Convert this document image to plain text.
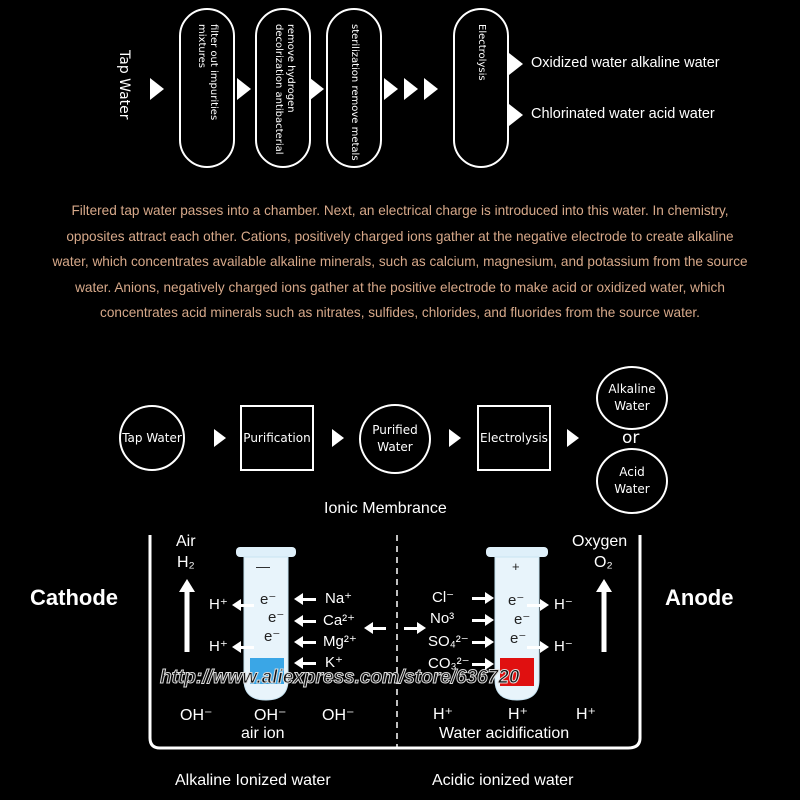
Tap Water	filter out impurities mixtures	remove hydrogen decolrization antibacterial	sterilization remove metals	Electrolysis	Oxidized water alkaline water
Chlorinated water acid water
Filtered tap water passes into a chamber. Next, an electrical charge is introduced into this water. In chemistry, opposites attract each other. Cations, positively charged ions gather at the negative electrode to create alkaline water, which concentrates available alkaline minerals, such as calcium, magnesium, and potassium from the source water. Anions, negatively charged ions gather at the positive electrode to make acid or oxidized water, which concentrates acid minerals such as nitrates, sulfides, chlorides, and fluorides from the source water.
Tap Water	Purification
Purified
Water
Electrolysis
Alkaline
Water
or
Acid
Water
Ionic Membrance
Cathode	Anode
Air
H₂
Oxygen
O₂
—
e⁻
e⁻
e⁻
+
e⁻
e⁻
e⁻
H⁺
H⁺
H⁻
H⁻
Na⁺
Ca²⁺
Mg²⁺
K⁺
Cl⁻
No³
SO₄²⁻
CO₃²⁻
http://www.aliexpress.com/store/636720
OH⁻	OH⁻ OH⁻	H⁺	H⁺	H⁺
air ion	Water acidification
Alkaline Ionized water	Acidic ionized water
